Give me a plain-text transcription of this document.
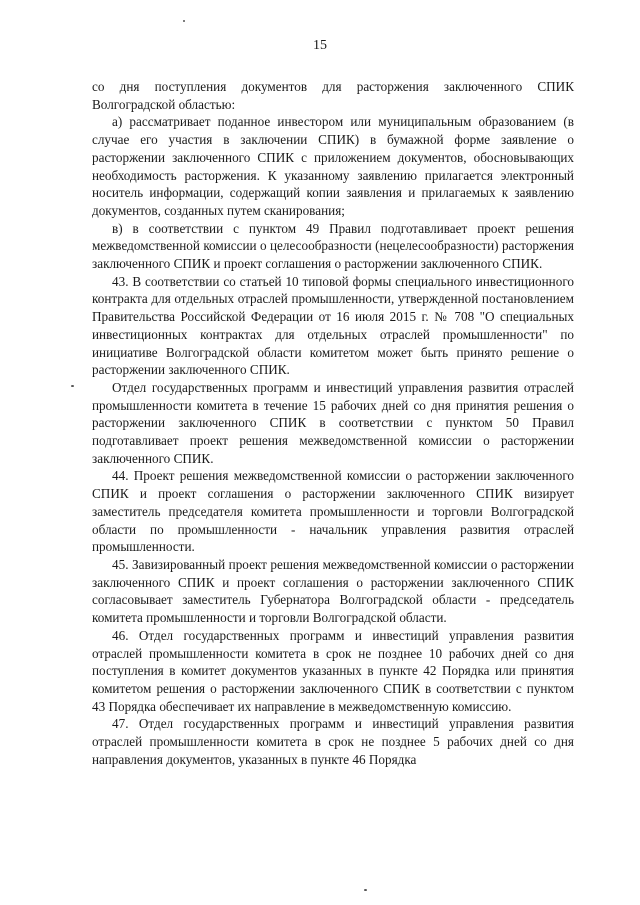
15

со дня поступления документов для расторжения заключенного СПИК Волгоградской областью:

а) рассматривает поданное инвестором или муниципальным образованием (в случае его участия в заключении СПИК) в бумажной форме заявление о расторжении заключенного СПИК с приложением документов, обосновывающих необходимость расторжения. К указанному заявлению прилагается электронный носитель информации, содержащий копии заявления и прилагаемых к заявлению документов, созданных путем сканирования;

в) в соответствии с пунктом 49 Правил подготавливает проект решения межведомственной комиссии о целесообразности (нецелесообразности) расторжения заключенного СПИК и проект соглашения о расторжении заключенного СПИК.

43. В соответствии со статьей 10 типовой формы специального инвестиционного контракта для отдельных отраслей промышленности, утвержденной постановлением Правительства Российской Федерации от 16 июля 2015 г. № 708 "О специальных инвестиционных контрактах для отдельных отраслей промышленности" по инициативе Волгоградской области комитетом может быть принято решение о расторжении заключенного СПИК.

Отдел государственных программ и инвестиций управления развития отраслей промышленности комитета в течение 15 рабочих дней со дня принятия решения о расторжении заключенного СПИК в соответствии с пунктом 50 Правил подготавливает проект решения межведомственной комиссии о расторжении заключенного СПИК.

44. Проект решения межведомственной комиссии о расторжении заключенного СПИК и проект соглашения о расторжении заключенного СПИК визирует заместитель председателя комитета промышленности и торговли Волгоградской области по промышленности - начальник управления развития отраслей промышленности.

45. Завизированный проект решения межведомственной комиссии о расторжении заключенного СПИК и проект соглашения о расторжении заключенного СПИК согласовывает заместитель Губернатора Волгоградской области - председатель комитета промышленности и торговли Волгоградской области.

46. Отдел государственных программ и инвестиций управления развития отраслей промышленности комитета в срок не позднее 10 рабочих дней со дня поступления в комитет документов указанных в пункте 42 Порядка или принятия комитетом решения о расторжении заключенного СПИК в соответствии с пунктом 43 Порядка обеспечивает их направление в межведомственную комиссию.

47. Отдел государственных программ и инвестиций управления развития отраслей промышленности комитета в срок не позднее 5 рабочих дней со дня направления документов, указанных в пункте 46 Порядка
